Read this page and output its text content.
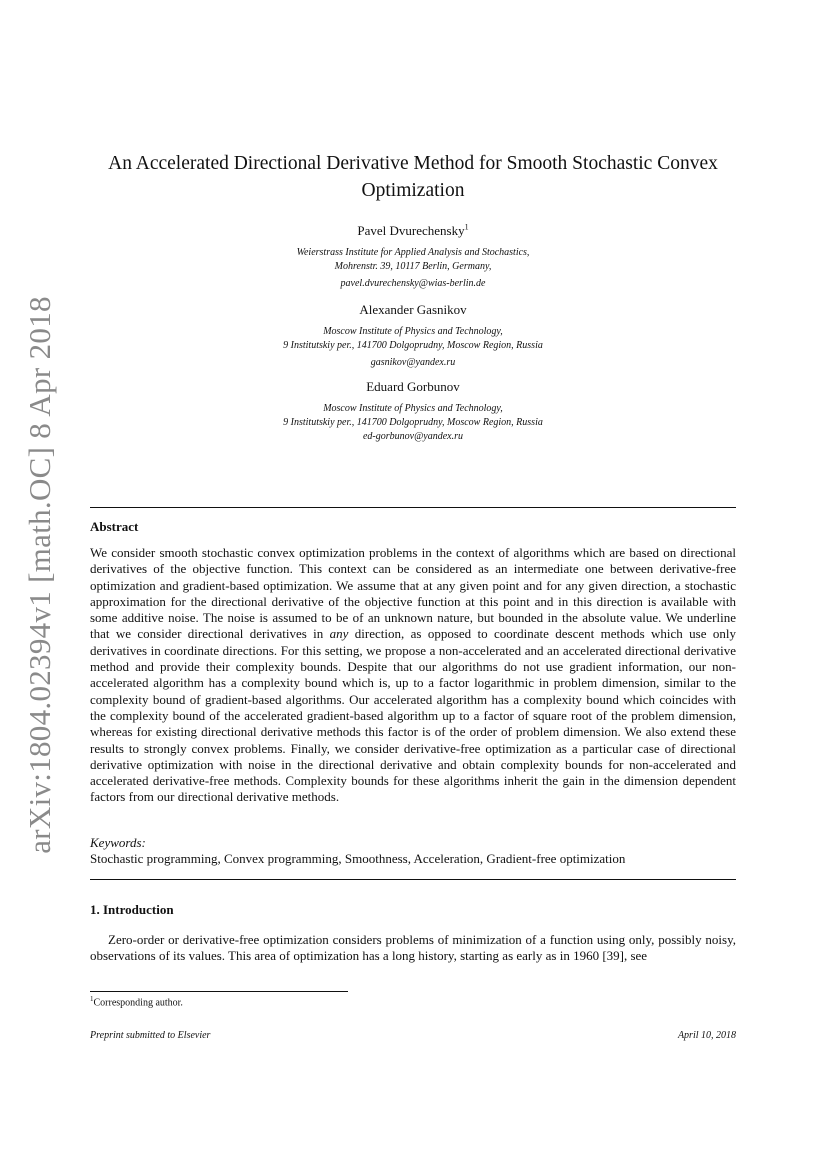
arXiv:1804.02394v1 [math.OC] 8 Apr 2018
An Accelerated Directional Derivative Method for Smooth Stochastic Convex
Optimization
Pavel Dvurechensky$^1$
Weierstrass Institute for Applied Analysis and Stochastics,
Mohrenstr. 39, 10117 Berlin, Germany,
pavel.dvurechensky@wias-berlin.de
Alexander Gasnikov
Moscow Institute of Physics and Technology,
9 Institutskiy per., 141700 Dolgoprudny, Moscow Region, Russia
gasnikov@yandex.ru
Eduard Gorbunov
Moscow Institute of Physics and Technology,
9 Institutskiy per., 141700 Dolgoprudny, Moscow Region, Russia
ed-gorbunov@yandex.ru
Abstract
We consider smooth stochastic convex optimization problems in the context of algorithms which are based on directional derivatives of the objective function. This context can be considered as an intermediate one between derivative-free optimization and gradient-based optimization. We assume that at any given point and for any given direction, a stochastic approximation for the directional derivative of the objective function at this point and in this direction is available with some additive noise. The noise is assumed to be of an unknown nature, but bounded in the absolute value. We underline that we consider directional derivatives in any direction, as opposed to coordinate descent methods which use only derivatives in coordinate directions. For this setting, we propose a non-accelerated and an accelerated directional derivative method and provide their complexity bounds. Despite that our algorithms do not use gradient information, our non-accelerated algorithm has a complexity bound which is, up to a factor logarithmic in problem dimension, similar to the complexity bound of gradient-based algorithms. Our accelerated algorithm has a complexity bound which coincides with the complexity bound of the accelerated gradient-based algorithm up to a factor of square root of the problem dimension, whereas for existing directional derivative methods this factor is of the order of problem dimension. We also extend these results to strongly convex problems. Finally, we consider derivative-free optimization as a particular case of directional derivative optimization with noise in the directional derivative and obtain complexity bounds for non-accelerated and accelerated derivative-free methods. Complexity bounds for these algorithms inherit the gain in the dimension dependent factors from our directional derivative methods.
Keywords:
Stochastic programming, Convex programming, Smoothness, Acceleration, Gradient-free optimization
1. Introduction
Zero-order or derivative-free optimization considers problems of minimization of a function using only, possibly noisy, observations of its values. This area of optimization has a long history, starting as early as in 1960 [39], see
$^1$Corresponding author.
Preprint submitted to Elsevier	April 10, 2018
